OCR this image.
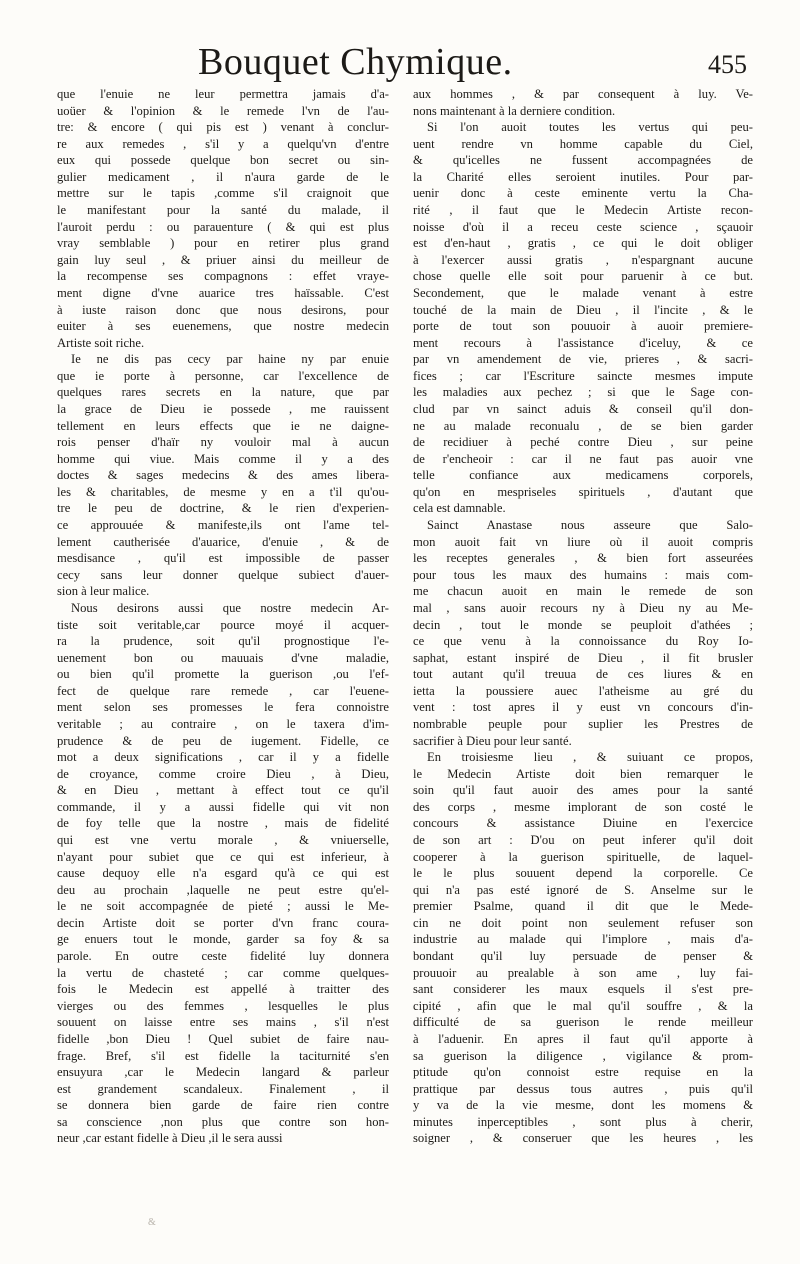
Bouquet Chymique.	455
que l'enuie ne leur permettra jamais d'a-
uoüer & l'opinion & le remede l'vn de l'au-
tre: & encore ( qui pis est ) venant à conclur-
re aux remedes , s'il y a quelqu'vn d'entre
eux qui possede quelque bon secret ou sin-
gulier medicament , il n'aura garde de le
mettre sur le tapis ,comme s'il craignoit que
le manifestant pour la santé du malade, il
l'auroit perdu : ou parauenture ( & qui est plus
vray semblable ) pour en retirer plus grand
gain luy seul , & priuer ainsi du meilleur de
la recompense ses compagnons : effet vraye-
ment digne d'vne auarice tres haïssable. C'est
à iuste raison donc que nous desirons, pour
euiter à ses euenemens, que nostre medecin
Artiste soit riche.
Ie ne dis pas cecy par haine ny par enuie
que ie porte à personne, car l'excellence de
quelques rares secrets en la nature, que par
la grace de Dieu ie possede , me rauissent
tellement en leurs effects que ie ne daigne-
rois penser d'haïr ny vouloir mal à aucun
homme qui viue. Mais comme il y a des
doctes & sages medecins & des ames libera-
les & charitables, de mesme y en a t'il qu'ou-
tre le peu de doctrine, & le rien d'experien-
ce approuuée & manifeste,ils ont l'ame tel-
lement cautherisée d'auarice, d'enuie , & de
mesdisance , qu'il est impossible de passer
cecy sans leur donner quelque subiect d'auer-
sion à leur malice.
Nous desirons aussi que nostre medecin Ar-
tiste soit veritable,car pource moyé il acquer-
ra la prudence, soit qu'il prognostique l'e-
uenement bon ou mauuais d'vne maladie,
ou bien qu'il promette la guerison ,ou l'ef-
fect de quelque rare remede , car l'euene-
ment selon ses promesses le fera connoistre
veritable ; au contraire , on le taxera d'im-
prudence & de peu de iugement. Fidelle, ce
mot a deux significations , car il y a fidelle
de croyance, comme croire Dieu , à Dieu,
& en Dieu , mettant à effect tout ce qu'il
commande, il y a aussi fidelle qui vit non
de foy telle que la nostre , mais de fidelité
qui est vne vertu morale , & vniuerselle,
n'ayant pour subiet que ce qui est inferieur, à
cause dequoy elle n'a esgard qu'à ce qui est
deu au prochain ,laquelle ne peut estre qu'el-
le ne soit accompagnée de pieté ; aussi le Me-
decin Artiste doit se porter d'vn franc coura-
ge enuers tout le monde, garder sa foy & sa
parole. En outre ceste fidelité luy donnera
la vertu de chasteté ; car comme quelques-
fois le Medecin est appellé à traitter des
vierges ou des femmes , lesquelles le plus
souuent on laisse entre ses mains , s'il n'est
fidelle ,bon Dieu ! Quel subiet de faire nau-
frage. Bref, s'il est fidelle la taciturnité s'en
ensuyura ,car le Medecin langard & parleur
est grandement scandaleux. Finalement , il
se donnera bien garde de faire rien contre
sa conscience ,non plus que contre son hon-
neur ,car estant fidelle à Dieu ,il le sera aussi
aux hommes , & par consequent à luy. Ve-
nons maintenant à la derniere condition.
Si l'on auoit toutes les vertus qui peu-
uent rendre vn homme capable du Ciel,
& qu'icelles ne fussent accompagnées de
la Charité elles seroient inutiles. Pour par-
uenir donc à ceste eminente vertu la Cha-
rité , il faut que le Medecin Artiste recon-
noisse d'où il a receu ceste science , sçauoir
est d'en-haut , gratis , ce qui le doit obliger
à l'exercer aussi gratis , n'espargnant aucune
chose quelle elle soit pour paruenir à ce but.
Secondement, que le malade venant à estre
touché de la main de Dieu , il l'incite , & le
porte de tout son pouuoir à auoir premiere-
ment recours à l'assistance d'iceluy, & ce
par vn amendement de vie, prieres , & sacri-
fices ; car l'Escriture saincte mesmes impute
les maladies aux pechez ; si que le Sage con-
clud par vn sainct aduis & conseil qu'il don-
ne au malade reconualu , de se bien garder
de recidiuer à peché contre Dieu , sur peine
de r'encheoir : car il ne faut pas auoir vne
telle confiance aux medicamens corporels,
qu'on en mespriseles spirituels , d'autant que
cela est damnable.
Sainct Anastase nous asseure que Salo-
mon auoit fait vn liure où il auoit compris
les receptes generales , & bien fort asseurées
pour tous les maux des humains : mais com-
me chacun auoit en main le remede de son
mal , sans auoir recours ny à Dieu ny au Me-
decin , tout le monde se peuploit d'athées ;
ce que venu à la connoissance du Roy Io-
saphat, estant inspiré de Dieu , il fit brusler
tout autant qu'il treuua de ces liures & en
ietta la poussiere auec l'atheisme au gré du
vent : tost apres il y eust vn concours d'in-
nombrable peuple pour suplier les Prestres de
sacrifier à Dieu pour leur santé.
En troisiesme lieu , & suiuant ce propos,
le Medecin Artiste doit bien remarquer le
soin qu'il faut auoir des ames pour la santé
des corps , mesme implorant de son costé le
concours & assistance Diuine en l'exercice
de son art : D'ou on peut inferer qu'il doit
cooperer à la guerison spirituelle, de laquel-
le le plus souuent depend la corporelle. Ce
qui n'a pas esté ignoré de S. Anselme sur le
premier Psalme, quand il dit que le Mede-
cin ne doit point non seulement refuser son
industrie au malade qui l'implore , mais d'a-
bondant qu'il luy persuade de penser &
prouuoir au prealable à son ame , luy fai-
sant considerer les maux esquels il s'est pre-
cipité , afin que le mal qu'il souffre , & la
difficulté de sa guerison le rende meilleur
à l'aduenir. En apres il faut qu'il apporte à
sa guerison la diligence , vigilance & prom-
ptitude qu'on connoist estre requise en la
prattique par dessus tous autres , puis qu'il
y va de la vie mesme, dont les momens &
minutes inperceptibles , sont plus à cherir,
soigner , & conseruer que les heures , les
&
